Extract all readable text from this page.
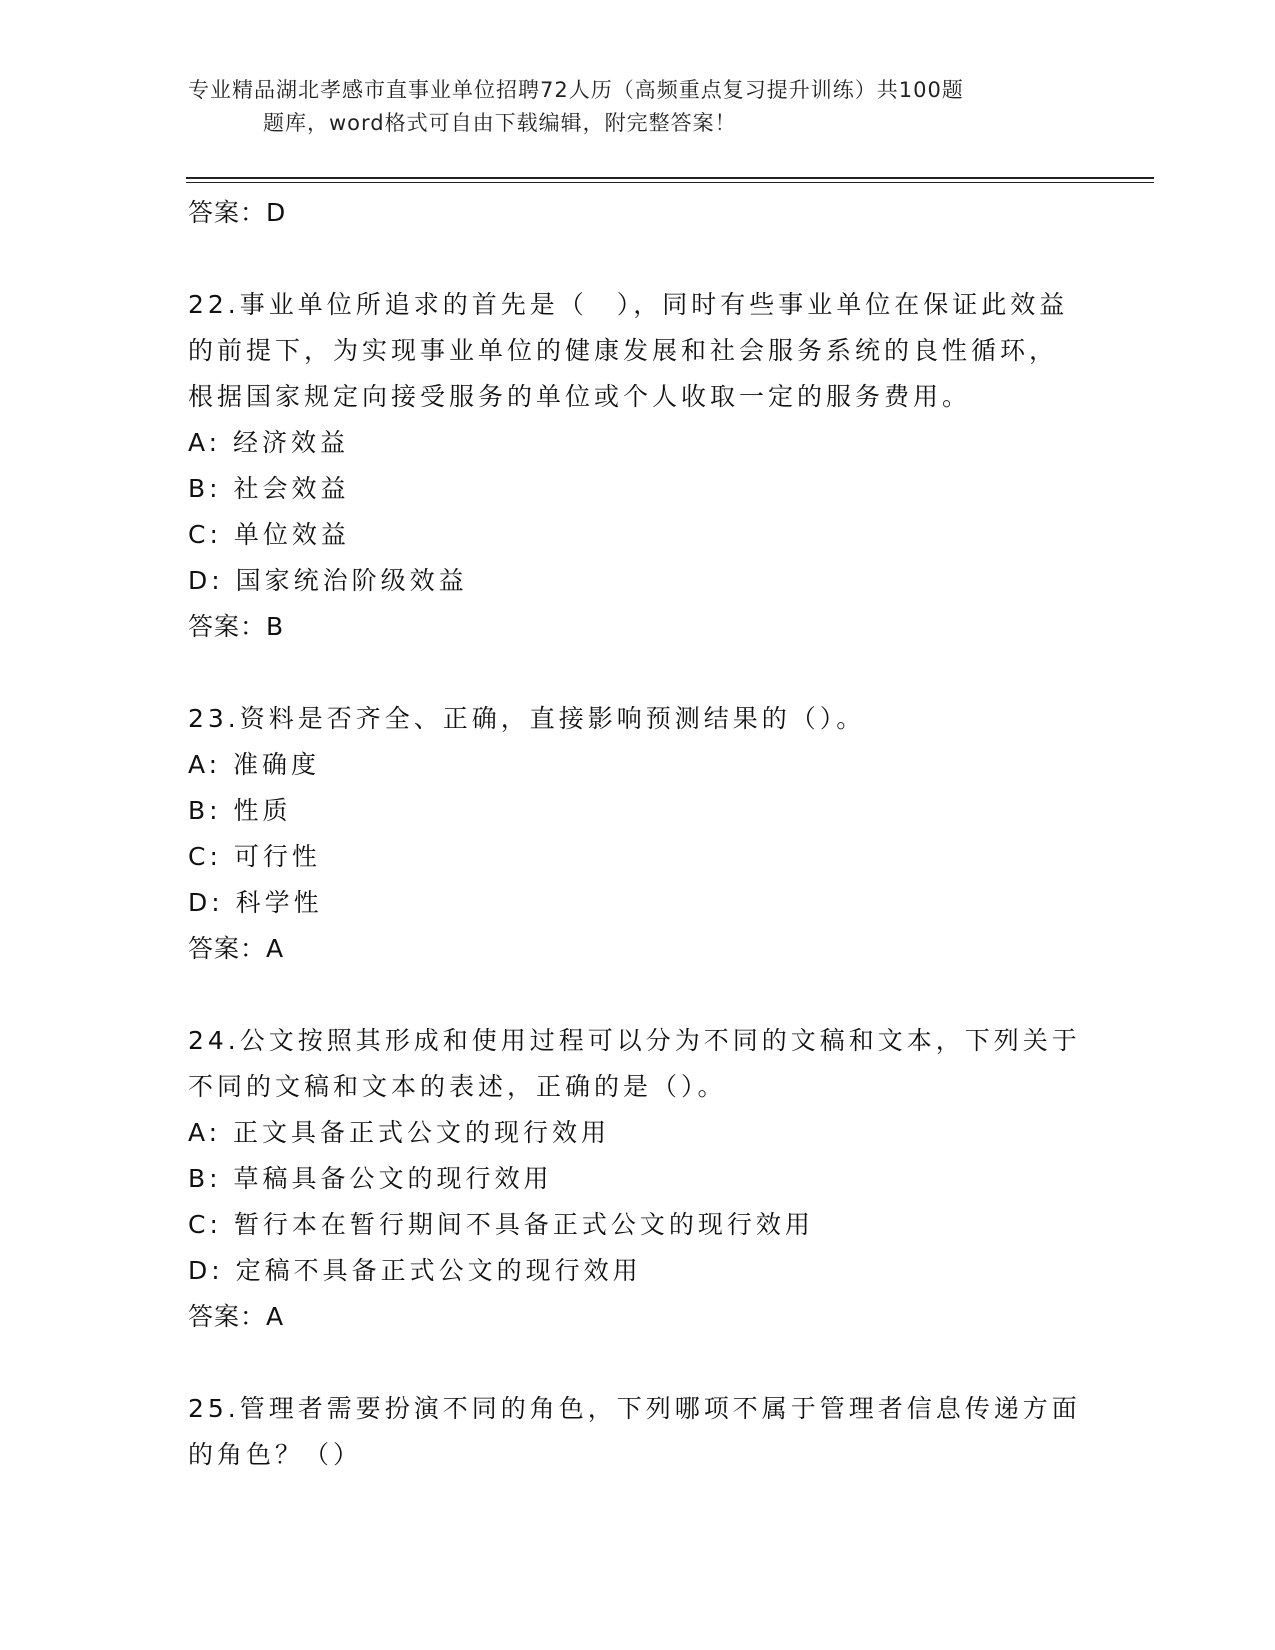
专业精品湖北孝感市直事业单位招聘72人历（高频重点复习提升训练）共100题
题库，word格式可自由下载编辑，附完整答案！
答案：D
22.事业单位所追求的首先是（　），同时有些事业单位在保证此效益
的前提下，为实现事业单位的健康发展和社会服务系统的良性循环，
根据国家规定向接受服务的单位或个人收取一定的服务费用。
A: 经济效益
B: 社会效益
C: 单位效益
D: 国家统治阶级效益
答案：B
23.资料是否齐全、正确，直接影响预测结果的（）。
A: 准确度
B: 性质
C: 可行性
D: 科学性
答案：A
24.公文按照其形成和使用过程可以分为不同的文稿和文本，下列关于
不同的文稿和文本的表述，正确的是（）。
A: 正文具备正式公文的现行效用
B: 草稿具备公文的现行效用
C: 暂行本在暂行期间不具备正式公文的现行效用
D: 定稿不具备正式公文的现行效用
答案：A
25.管理者需要扮演不同的角色，下列哪项不属于管理者信息传递方面
的角色？（）
